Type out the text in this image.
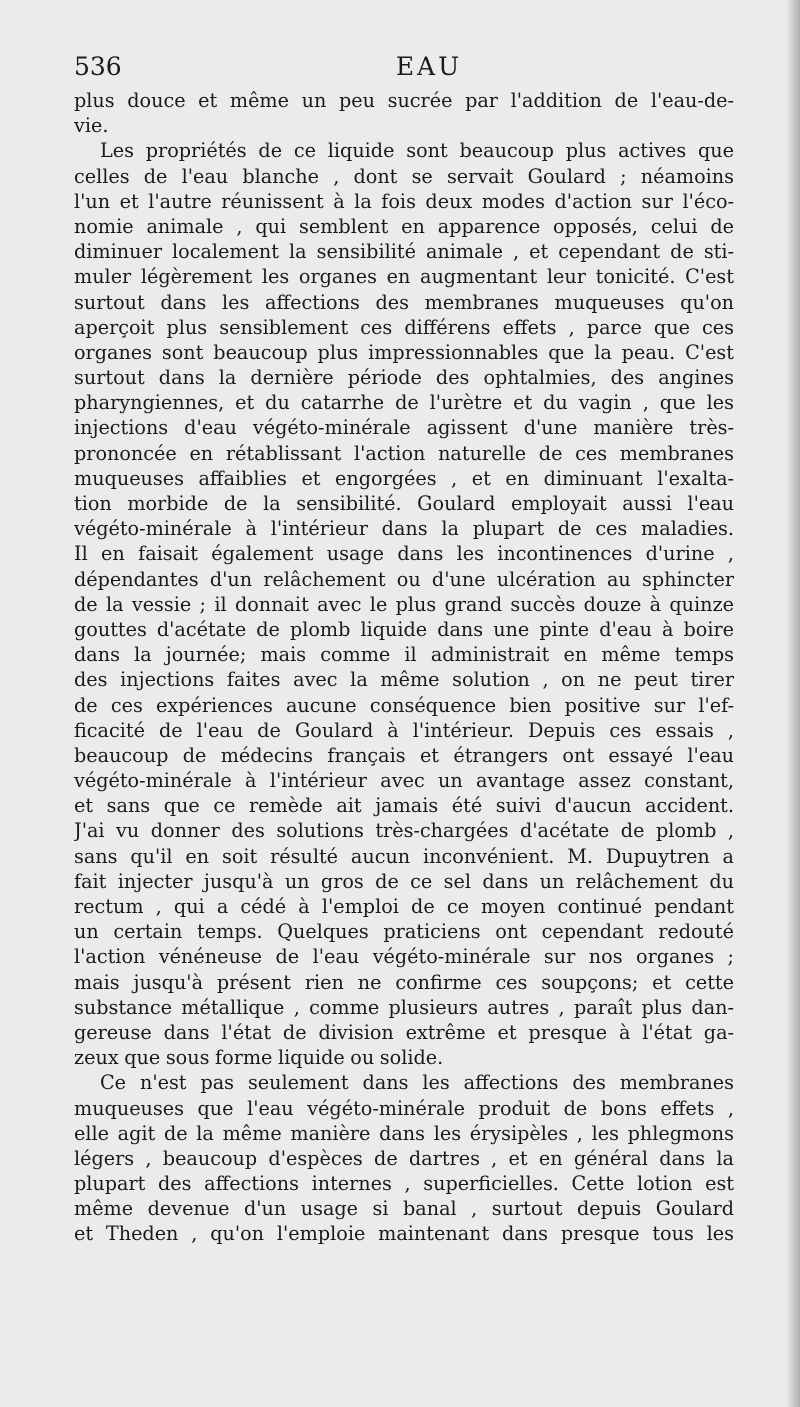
536	EAU
plus douce et même un peu sucrée par l'addition de l'eau-de-
vie.
Les propriétés de ce liquide sont beaucoup plus actives que
celles de l'eau blanche , dont se servait Goulard ; néamoins
l'un et l'autre réunissent à la fois deux modes d'action sur l'éco-
nomie animale , qui semblent en apparence opposés, celui de
diminuer localement la sensibilité animale , et cependant de sti-
muler légèrement les organes en augmentant leur tonicité. C'est
surtout dans les affections des membranes muqueuses qu'on
aperçoit plus sensiblement ces différens effets , parce que ces
organes sont beaucoup plus impressionnables que la peau. C'est
surtout dans la dernière période des ophtalmies, des angines
pharyngiennes, et du catarrhe de l'urètre et du vagin , que les
injections d'eau végéto-minérale agissent d'une manière très-
prononcée en rétablissant l'action naturelle de ces membranes
muqueuses affaiblies et engorgées , et en diminuant l'exalta-
tion morbide de la sensibilité. Goulard employait aussi l'eau
végéto-minérale à l'intérieur dans la plupart de ces maladies.
Il en faisait également usage dans les incontinences d'urine ,
dépendantes d'un relâchement ou d'une ulcération au sphincter
de la vessie ; il donnait avec le plus grand succès douze à quinze
gouttes d'acétate de plomb liquide dans une pinte d'eau à boire
dans la journée; mais comme il administrait en même temps
des injections faites avec la même solution , on ne peut tirer
de ces expériences aucune conséquence bien positive sur l'ef-
ficacité de l'eau de Goulard à l'intérieur. Depuis ces essais ,
beaucoup de médecins français et étrangers ont essayé l'eau
végéto-minérale à l'intérieur avec un avantage assez constant,
et sans que ce remède ait jamais été suivi d'aucun accident.
J'ai vu donner des solutions très-chargées d'acétate de plomb ,
sans qu'il en soit résulté aucun inconvénient. M. Dupuytren a
fait injecter jusqu'à un gros de ce sel dans un relâchement du
rectum , qui a cédé à l'emploi de ce moyen continué pendant
un certain temps. Quelques praticiens ont cependant redouté
l'action vénéneuse de l'eau végéto-minérale sur nos organes ;
mais jusqu'à présent rien ne confirme ces soupçons; et cette
substance métallique , comme plusieurs autres , paraît plus dan-
gereuse dans l'état de division extrême et presque à l'état ga-
zeux que sous forme liquide ou solide.
Ce n'est pas seulement dans les affections des membranes
muqueuses que l'eau végéto-minérale produit de bons effets ,
elle agit de la même manière dans les érysipèles , les phlegmons
légers , beaucoup d'espèces de dartres , et en général dans la
plupart des affections internes , superficielles. Cette lotion est
même devenue d'un usage si banal , surtout depuis Goulard
et Theden , qu'on l'emploie maintenant dans presque tous les
